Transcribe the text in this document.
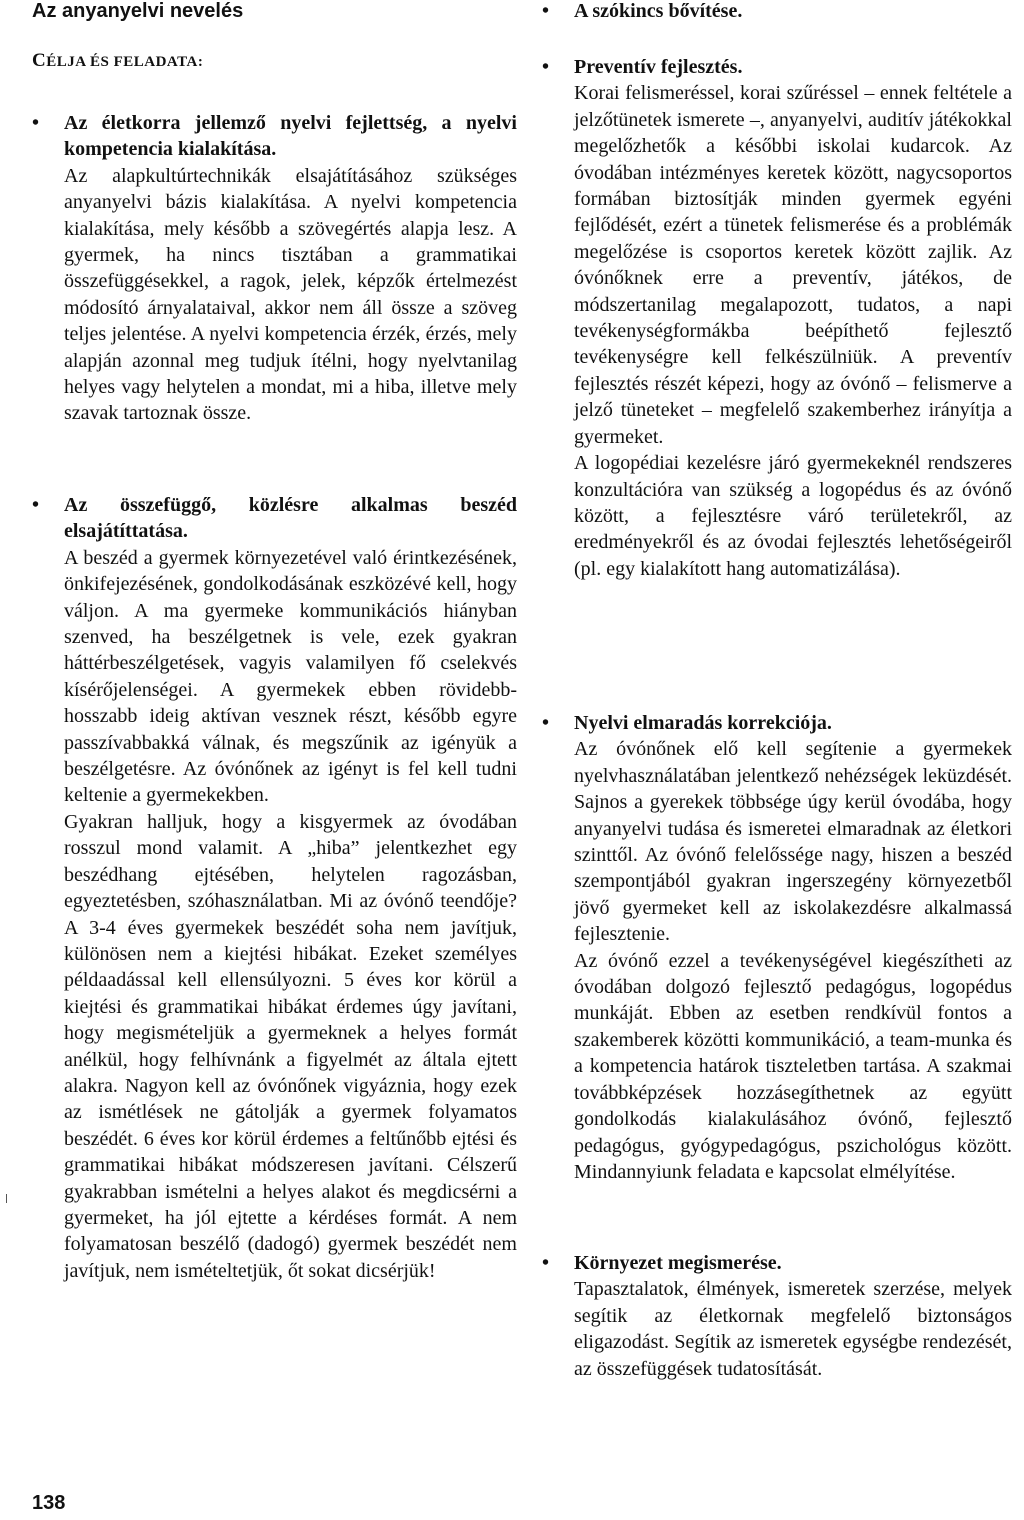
Az anyanyelvi nevelés
CÉLJA ÉS FELADATA:
• Az életkorra jellemző nyelvi fejlettség, a nyelvi kompetencia kialakítása.

Az alapkultúrtechnikák elsajátításához szükséges anyanyelvi bázis kialakítása. A nyelvi kompetencia kialakítása, mely később a szövegértés alapja lesz. A gyermek, ha nincs tisztában a grammatikai összefüggésekkel, a ragok, jelek, képzők értelmezést módosító árnyalataival, akkor nem áll össze a szöveg teljes jelentése. A nyelvi kompetencia érzék, érzés, mely alapján azonnal meg tudjuk ítélni, hogy nyelvtanilag helyes vagy helytelen a mondat, mi a hiba, illetve mely szavak tartoznak össze.

• Az összefüggő, közlésre alkalmas beszéd elsajátíttatása.

A beszéd a gyermek környezetével való érintkezésének, önkifejezésének, gondolkodásának eszközévé kell, hogy váljon. A ma gyermeke kommunikációs hiányban szenved, ha beszélgetnek is vele, ezek gyakran háttérbeszélgetések, vagyis valamilyen fő cselekvés kísérőjelenségei. A gyermekek ebben rövidebb-hosszabb ideig aktívan vesznek részt, később egyre passzívabbakká válnak, és megszűnik az igényük a beszélgetésre. Az óvónőnek az igényt is fel kell tudni keltenie a gyermekekben.

Gyakran halljuk, hogy a kisgyermek az óvodában rosszul mond valamit. A „hiba” jelentkezhet egy beszédhang ejtésében, helytelen ragozásban, egyeztetésben, szóhasználatban. Mi az óvónő teendője? A 3-4 éves gyermekek beszédét soha nem javítjuk, különösen nem a kiejtési hibákat. Ezeket személyes példaadással kell ellensúlyozni. 5 éves kor körül a kiejtési és grammatikai hibákat érdemes úgy javítani, hogy megismételjük a gyermeknek a helyes formát anélkül, hogy felhívnánk a figyelmét az általa ejtett alakra. Nagyon kell az óvónőnek vigyáznia, hogy ezek az ismétlések ne gátolják a gyermek folyamatos beszédét. 6 éves kor körül érdemes a feltűnőbb ejtési és grammatikai hibákat módszeresen javítani. Célszerű gyakrabban ismételni a helyes alakot és megdicsérni a gyermeket, ha jól ejtette a kérdéses formát. A nem folyamatosan beszélő (dadogó) gyermek beszédét nem javítjuk, nem ismételtetjük, őt sokat dicsérjük!

138

• A szókincs bővítése.

• Preventív fejlesztés.

Korai felismeréssel, korai szűréssel – ennek feltétele a jelzőtünetek ismerete –, anyanyelvi, auditív játékokkal megelőzhetők a későbbi iskolai kudarcok. Az óvodában intézményes keretek között, nagycsoportos formában biztosítják minden gyermek egyéni fejlődését, ezért a tünetek felismerése és a problémák megelőzése is csoportos keretek között zajlik. Az óvónőknek erre a preventív, játékos, de módszertanilag megalapozott, tudatos, a napi tevékenységformákba beépíthető fejlesztő tevékenységre kell felkészülniük. A preventív fejlesztés részét képezi, hogy az óvónő – felismerve a jelző tüneteket – megfelelő szakemberhez irányítja a gyermeket.

A logopédiai kezelésre járó gyermekeknél rendszeres konzultációra van szükség a logopédus és az óvónő között, a fejlesztésre váró területekről, az eredményekről és az óvodai fejlesztés lehetőségeiről (pl. egy kialakított hang automatizálása).

• Nyelvi elmaradás korrekciója.

Az óvónőnek elő kell segítenie a gyermekek nyelvhasználatában jelentkező nehézségek leküzdését. Sajnos a gyerekek többsége úgy kerül óvodába, hogy anyanyelvi tudása és ismeretei elmaradnak az életkori szinttől. Az óvónő felelőssége nagy, hiszen a beszéd szempontjából gyakran ingerszegény környezetből jövő gyermeket kell az iskolakezdésre alkalmassá fejlesztenie.

Az óvónő ezzel a tevékenységével kiegészítheti az óvodában dolgozó fejlesztő pedagógus, logopédus munkáját. Ebben az esetben rendkívül fontos a szakemberek közötti kommunikáció, a team-munka és a kompetencia határok tiszteletben tartása. A szakmai továbbképzések hozzásegíthetnek az együtt gondolkodás kialakulásához óvónő, fejlesztő pedagógus, gyógypedagógus, pszichológus között. Mindannyiunk feladata e kapcsolat elmélyítése.

• Környezet megismerése.

Tapasztalatok, élmények, ismeretek szerzése, melyek segítik az életkornak megfelelő biztonságos eligazodást. Segítik az ismeretek egységbe rendezését, az összefüggések tudatosítását.
